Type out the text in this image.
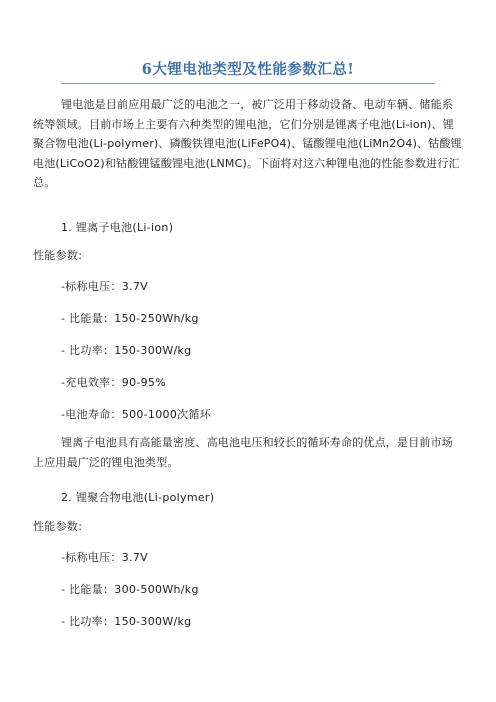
6大锂电池类型及性能参数汇总!

锂电池是目前应用最广泛的电池之一，被广泛用于移动设备、电动车辆、储能系统等领域。目前市场上主要有六种类型的锂电池，它们分别是锂离子电池(Li-ion)、锂聚合物电池(Li-polymer)、磷酸铁锂电池(LiFePO4)、锰酸锂电池(LiMn2O4)、钴酸锂电池(LiCoO2)和钴酸锂锰酸锂电池(LNMC)。下面将对这六种锂电池的性能参数进行汇总。

1. 锂离子电池(Li-ion)

性能参数:

-标称电压：3.7V

- 比能量：150-250Wh/kg

- 比功率：150-300W/kg

-充电效率：90-95%

-电池寿命：500-1000次循环

锂离子电池具有高能量密度、高电池电压和较长的循环寿命的优点，是目前市场上应用最广泛的锂电池类型。

2. 锂聚合物电池(Li-polymer)

性能参数:

-标称电压：3.7V

- 比能量：300-500Wh/kg

- 比功率：150-300W/kg
